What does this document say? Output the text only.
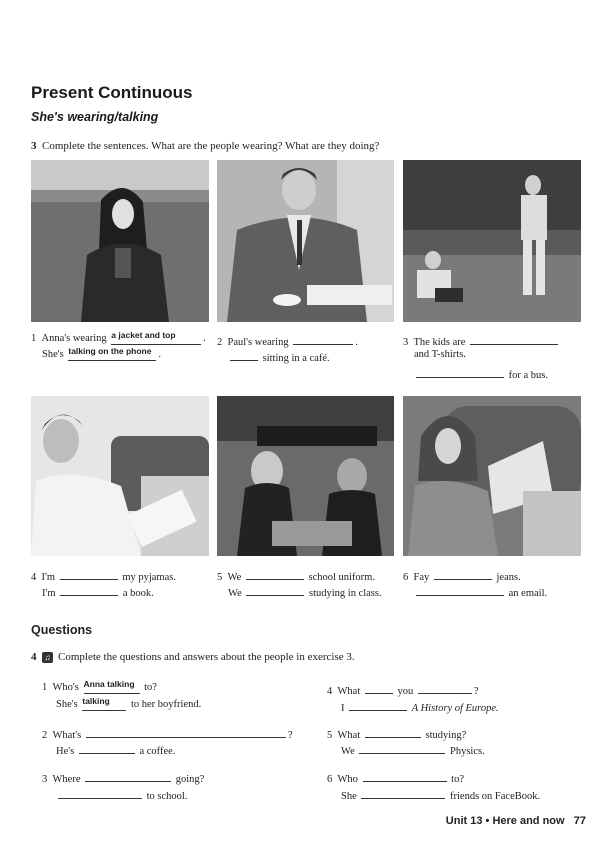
Present Continuous
She's wearing/talking
3 Complete the sentences. What are the people wearing? What are they doing?
1 Anna's wearing $^{a jacket and top}$	.
She's $^{talking on the phone}$ .
2 Paul's wearing	.
sitting in a café.
3 The kids are
and T-shirts.
for a bus.
4 I'm	my pyjamas.
I'm	a book.
5 We	school uniform.
We	studying in class.
6 Fay	jeans.
an email.
Questions
4 ♫ Complete the questions and answers about the people in exercise 3.
1 Who's $^{Anna talking}$ to?
She's $^{talking}$ to her boyfriend.
2 What's	?
He's	a coffee.
3 Where	going?
to school.
4 What	you	?
I	A History of Europe.
5 What	studying?
We	Physics.
6 Who	to?
She	friends on FaceBook.
Unit 13 • Here and now 77
